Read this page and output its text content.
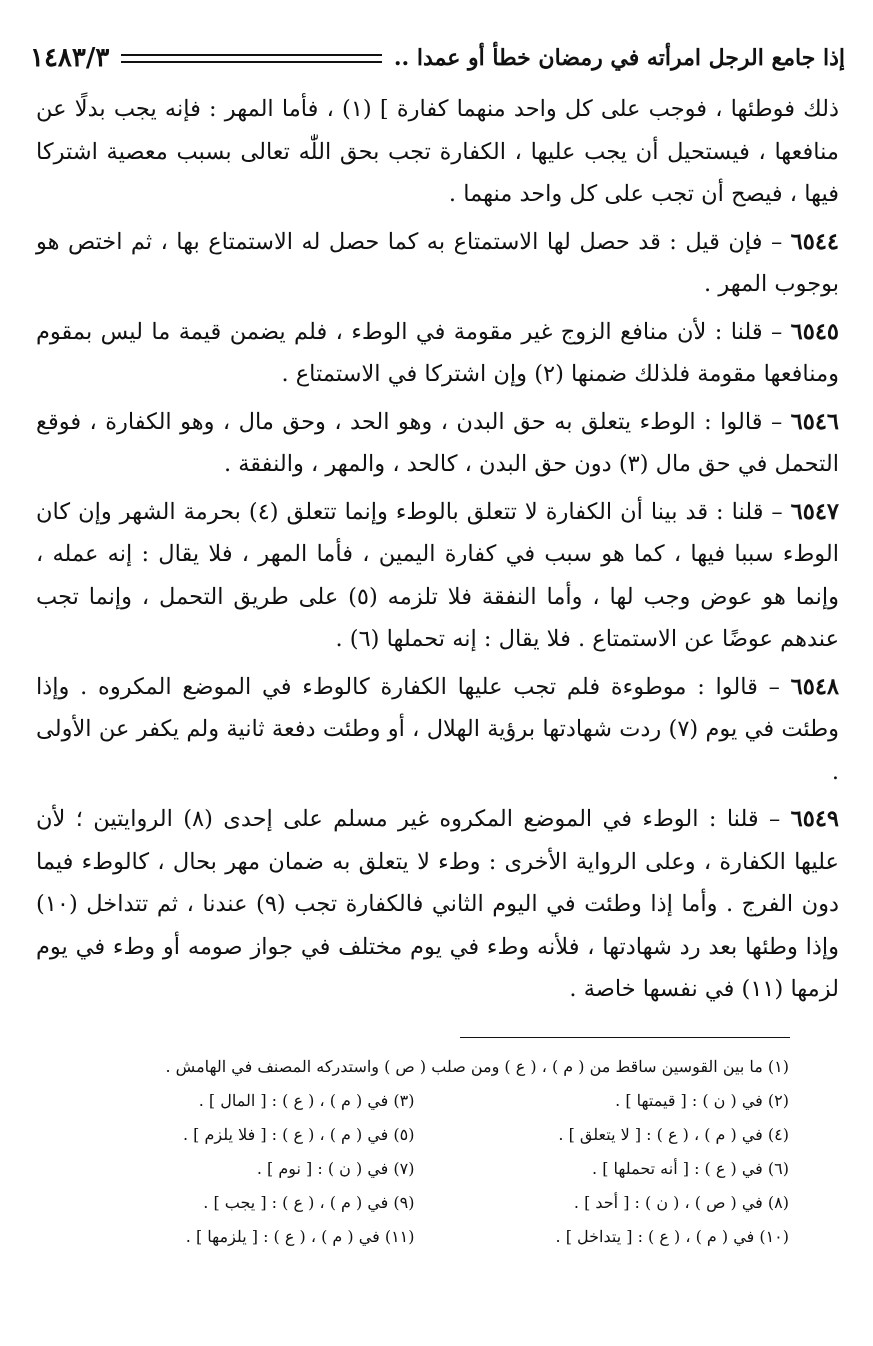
إذا جامع الرجل امرأته في رمضان خطأ أو عمدا ..
١٤٨٣/٣

ذلك فوطئها ، فوجب على كل واحد منهما كفارة ] (١) ، فأما المهر : فإنه يجب بدلًا عن منافعها ، فيستحيل أن يجب عليها ، الكفارة تجب بحق اللّٰه تعالى بسبب معصية اشتركا فيها ، فيصح أن تجب على كل واحد منهما .

٦٥٤٤ – فإن قيل : قد حصل لها الاستمتاع به كما حصل له الاستمتاع بها ، ثم اختص هو بوجوب المهر .

٦٥٤٥ – قلنا : لأن منافع الزوج غير مقومة في الوطء ، فلم يضمن قيمة ما ليس بمقوم ومنافعها مقومة فلذلك ضمنها (٢) وإن اشتركا في الاستمتاع .

٦٥٤٦ – قالوا : الوطء يتعلق به حق البدن ، وهو الحد ، وحق مال ، وهو الكفارة ، فوقع التحمل في حق مال (٣) دون حق البدن ، كالحد ، والمهر ، والنفقة .

٦٥٤٧ – قلنا : قد بينا أن الكفارة لا تتعلق بالوطء وإنما تتعلق (٤) بحرمة الشهر وإن كان الوطء سببا فيها ، كما هو سبب في كفارة اليمين ، فأما المهر ، فلا يقال : إنه عمله ، وإنما هو عوض وجب لها ، وأما النفقة فلا تلزمه (٥) على طريق التحمل ، وإنما تجب عندهم عوضًا عن الاستمتاع . فلا يقال : إنه تحملها (٦) .

٦٥٤٨ – قالوا : موطوءة فلم تجب عليها الكفارة كالوطء في الموضع المكروه . وإذا وطئت في يوم (٧) ردت شهادتها برؤية الهلال ، أو وطئت دفعة ثانية ولم يكفر عن الأولى .

٦٥٤٩ – قلنا : الوطء في الموضع المكروه غير مسلم على إحدى (٨) الروايتين ؛ لأن عليها الكفارة ، وعلى الرواية الأخرى : وطء لا يتعلق به ضمان مهر بحال ، كالوطء فيما دون الفرج . وأما إذا وطئت في اليوم الثاني فالكفارة تجب (٩) عندنا ، ثم تتداخل (١٠) وإذا وطئها بعد رد شهادتها ، فلأنه وطء في يوم مختلف في جواز صومه أو وطء في يوم لزمها (١١) في نفسها خاصة .

(١) ما بين القوسين ساقط من ( م ) ، ( ع ) ومن صلب ( ص ) واستدركه المصنف في الهامش .
(٢) في ( ن ) : [ قيمتها ] .
(٣) في ( م ) ، ( ع ) : [ المال ] .
(٤) في ( م ) ، ( ع ) : [ لا يتعلق ] .
(٥) في ( م ) ، ( ع ) : [ فلا يلزم ] .
(٦) في ( ع ) : [ أنه تحملها ] .
(٧) في ( ن ) : [ نوم ] .
(٨) في ( ص ) ، ( ن ) : [ أحد ] .
(٩) في ( م ) ، ( ع ) : [ يجب ] .
(١٠) في ( م ) ، ( ع ) : [ يتداخل ] .
(١١) في ( م ) ، ( ع ) : [ يلزمها ] .
